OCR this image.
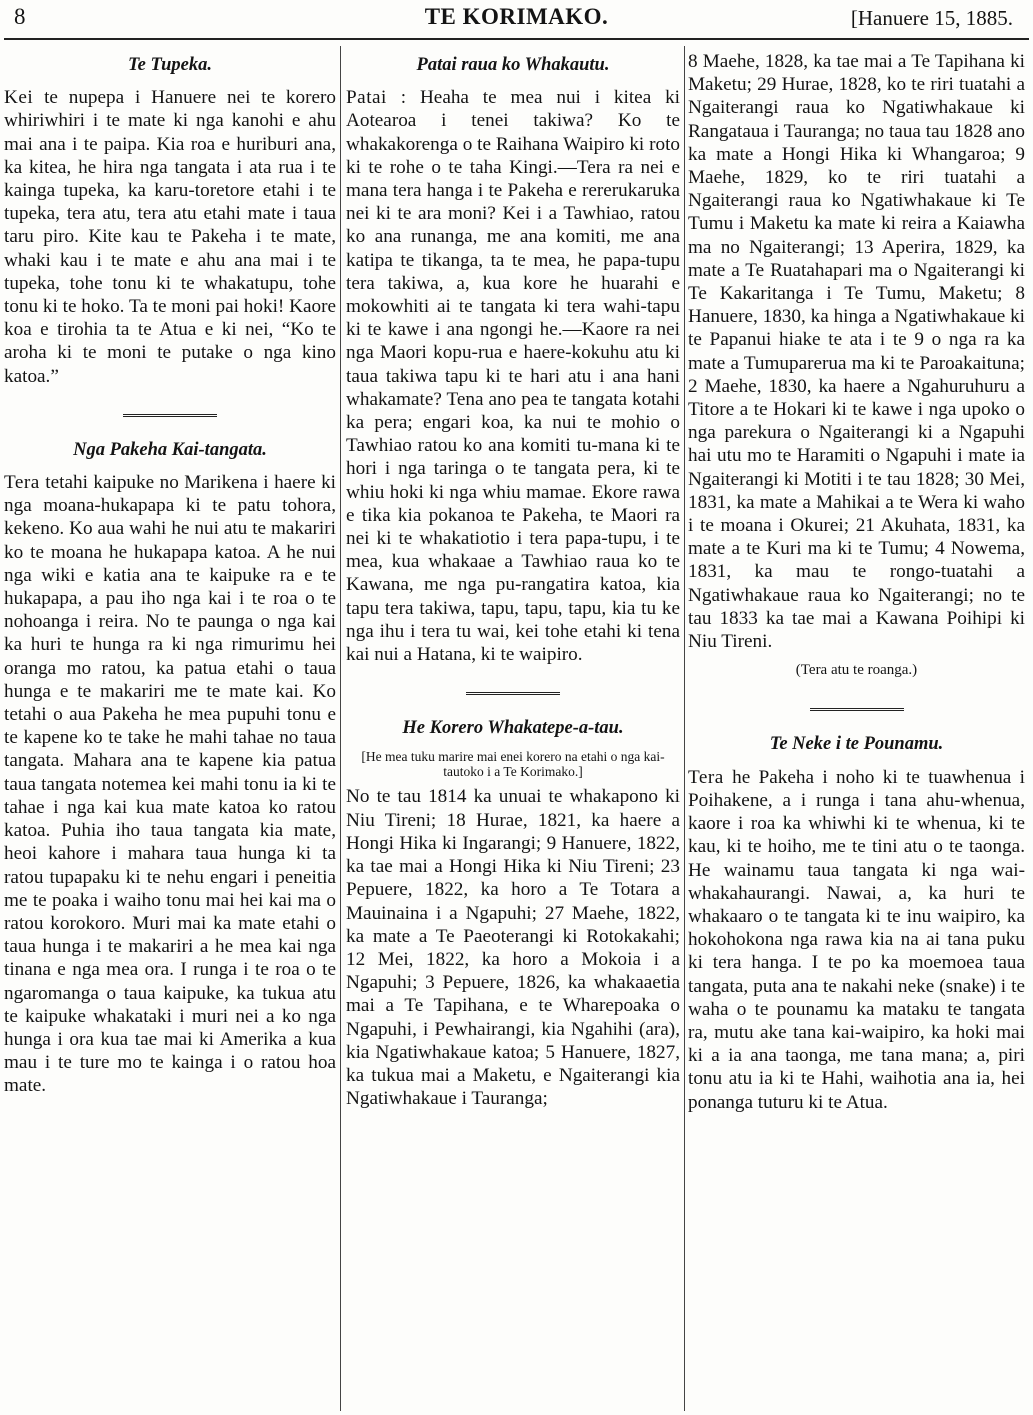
8	TE KORIMAKO.	[Hanuere 15, 1885.
Te Tupeka.

Kei te nupepa i Hanuere nei te korero whiriwhiri i te mate ki nga kanohi e ahu mai ana i te paipa. Kia roa e huriburi ana, ka kitea, he hira nga tangata i ata rua i te kainga tupeka, ka karu-toretore etahi i te tupeka, tera atu, tera atu etahi mate i taua taru piro. Kite kau te Pakeha i te mate, whaki kau i te mate e ahu ana mai i te tupeka, tohe tonu ki te whakatupu, tohe tonu ki te hoko. Ta te moni pai hoki! Kaore koa e tirohia ta te Atua e ki nei, “Ko te aroha ki te moni te putake o nga kino katoa.”

Nga Pakeha Kai-tangata.

Tera tetahi kaipuke no Marikena i haere ki nga moana-hukapapa ki te patu tohora, kekeno. Ko aua wahi he nui atu te makariri ko te moana he hukapapa katoa. A he nui nga wiki e katia ana te kaipuke ra e te hukapapa, a pau iho nga kai i te roa o te nohoanga i reira. No te paunga o nga kai ka huri te hunga ra ki nga rimurimu hei oranga mo ratou, ka patua etahi o taua hunga e te makariri me te mate kai. Ko tetahi o aua Pakeha he mea pupuhi tonu e te kapene ko te take he mahi tahae no taua tangata. Mahara ana te kapene kia patua taua tangata notemea kei mahi tonu ia ki te tahae i nga kai kua mate katoa ko ratou katoa. Puhia iho taua tangata kia mate, heoi kahore i mahara taua hunga ki ta ratou tupapaku ki te nehu engari i peneitia me te poaka i waiho tonu mai hei kai ma o ratou korokoro. Muri mai ka mate etahi o taua hunga i te makariri a he mea kai nga tinana e nga mea ora. I runga i te roa o te ngaromanga o taua kaipuke, ka tukua atu te kaipuke whakataki i muri nei a ko nga hunga i ora kua tae mai ki Amerika a kua mau i te ture mo te kainga i o ratou hoa mate.

Patai raua ko Whakautu.

Patai : Heaha te mea nui i kitea ki Aotearoa i tenei takiwa? Ko te whakakorenga o te Raihana Waipiro ki roto ki te rohe o te taha Kingi.—Tera ra nei e mana tera hanga i te Pakeha e rererukaruka nei ki te ara moni? Kei i a Tawhiao, ratou ko ana runanga, me ana komiti, me ana katipa te tikanga, ta te mea, he papa-tupu tera takiwa, a, kua kore he huarahi e mokowhiti ai te tangata ki tera wahi-tapu ki te kawe i ana ngongi he.—Kaore ra nei nga Maori kopu-rua e haere-kokuhu atu ki taua takiwa tapu ki te hari atu i ana hani whakamate? Tena ano pea te tangata kotahi ka pera; engari koa, ka nui te mohio o Tawhiao ratou ko ana komiti tu-mana ki te hori i nga taringa o te tangata pera, ki te whiu hoki ki nga whiu mamae. Ekore rawa e tika kia pokanoa te Pakeha, te Maori ra nei ki te whakatiotio i tera papa-tupu, i te mea, kua whakaae a Tawhiao raua ko te Kawana, me nga pu-rangatira katoa, kia tapu tera takiwa, tapu, tapu, tapu, kia tu ke nga ihu i tera tu wai, kei tohe etahi ki tena kai nui a Hatana, ki te waipiro.

He Korero Whakatepe-a-tau.

[He mea tuku marire mai enei korero na etahi o nga kai-tautoko i a Te Korimako.]

No te tau 1814 ka unuai te whakapono ki Niu Tireni; 18 Hurae, 1821, ka haere a Hongi Hika ki Ingarangi; 9 Hanuere, 1822, ka tae mai a Hongi Hika ki Niu Tireni; 23 Pepuere, 1822, ka horo a Te Totara a Mauinaina i a Ngapuhi; 27 Maehe, 1822, ka mate a Te Paeoterangi ki Rotokakahi; 12 Mei, 1822, ka horo a Mokoia i a Ngapuhi; 3 Pepuere, 1826, ka whakaaetia mai a Te Tapihana, e te Wharepoaka o Ngapuhi, i Pewhairangi, kia Ngahihi (ara), kia Ngatiwhakaue katoa; 5 Hanuere, 1827, ka tukua mai a Maketu, e Ngaiterangi kia Ngatiwhakaue i Tauranga;

8 Maehe, 1828, ka tae mai a Te Tapihana ki Maketu; 29 Hurae, 1828, ko te riri tuatahi a Ngaiterangi raua ko Ngatiwhakaue ki Rangataua i Tauranga; no taua tau 1828 ano ka mate a Hongi Hika ki Whangaroa; 9 Maehe, 1829, ko te riri tuatahi a Ngaiterangi raua ko Ngatiwhakaue ki Te Tumu i Maketu ka mate ki reira a Kaiawha ma no Ngaiterangi; 13 Aperira, 1829, ka mate a Te Ruatahapari ma o Ngaiterangi ki Te Kakaritanga i Te Tumu, Maketu; 8 Hanuere, 1830, ka hinga a Ngatiwhakaue ki te Papanui hiake te ata i te 9 o nga ra ka mate a Tumuparerua ma ki te Paroakaituna; 2 Maehe, 1830, ka haere a Ngahuruhuru a Titore a te Hokari ki te kawe i nga upoko o nga parekura o Ngaiterangi ki a Ngapuhi hai utu mo te Haramiti o Ngapuhi i mate ia Ngaiterangi ki Motiti i te tau 1828; 30 Mei, 1831, ka mate a Mahikai a te Wera ki waho i te moana i Okurei; 21 Akuhata, 1831, ka mate a te Kuri ma ki te Tumu; 4 Nowema, 1831, ka mau te rongo-tuatahi a Ngatiwhakaue raua ko Ngaiterangi; no te tau 1833 ka tae mai a Kawana Poihipi ki Niu Tireni.

(Tera atu te roanga.)

Te Neke i te Pounamu.

Tera he Pakeha i noho ki te tuawhenua i Poihakene, a i runga i tana ahu-whenua, kaore i roa ka whiwhi ki te whenua, ki te kau, ki te hoiho, me te tini atu o te taonga. He wainamu taua tangata ki nga wai-whakahaurangi. Nawai, a, ka huri te whakaaro o te tangata ki te inu waipiro, ka hokohokona nga rawa kia na ai tana puku ki tera hanga. I te po ka moemoea taua tangata, puta ana te nakahi neke (snake) i te waha o te pounamu ka mataku te tangata ra, mutu ake tana kai-waipiro, ka hoki mai ki a ia ana taonga, me tana mana; a, piri tonu atu ia ki te Hahi, waihotia ana ia, hei ponanga tuturu ki te Atua.
